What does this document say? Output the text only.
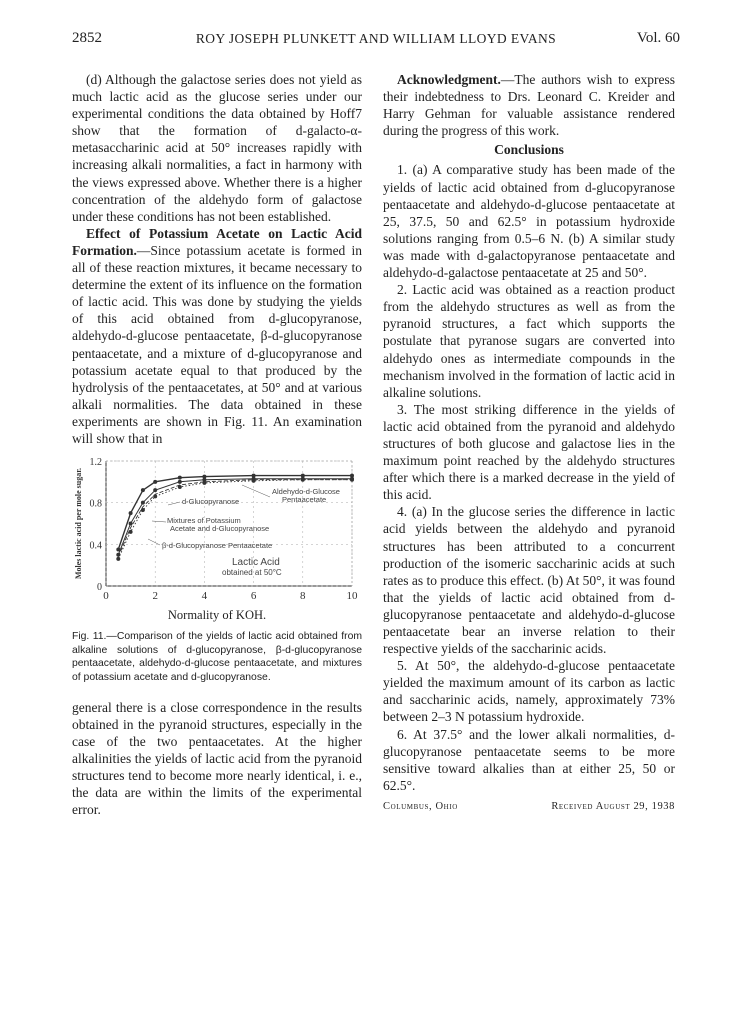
2852	ROY JOSEPH PLUNKETT AND WILLIAM LLOYD EVANS	Vol. 60

(d) Although the galactose series does not yield as much lactic acid as the glucose series under our experimental conditions the data obtained by Hoff7 show that the formation of d-galacto-α-metasaccharinic acid at 50° increases rapidly with increasing alkali normalities, a fact in harmony with the views expressed above. Whether there is a higher concentration of the aldehydo form of galactose under these conditions has not been established.

Effect of Potassium Acetate on Lactic Acid Formation.—Since potassium acetate is formed in all of these reaction mixtures, it became necessary to determine the extent of its influence on the formation of lactic acid. This was done by studying the yields of this acid obtained from d-glucopyranose, aldehydo-d-glucose pentaacetate, β-d-glucopyranose pentaacetate, and a mixture of d-glucopyranose and potassium acetate equal to that produced by the hydrolysis of the pentaacetates, at 50° and at various alkali normalities. The data obtained in these experiments are shown in Fig. 11. An examination will show that in

0	2	4	6	8	10
0
0.4
0.8
1.2
Moles lactic acid per mole sugar.	d-Glucopyranose
Aldehydo-d-Glucose
Pentaacetate
Mixtures of Potassium
Acetate and d-Glucopyranose
β-d-Glucopyranose Pentaacetate
Lactic Acid
obtained at 50°C
Normality of KOH.

Fig. 11.—Comparison of the yields of lactic acid obtained from alkaline solutions of d-glucopyranose, β-d-glucopyranose pentaacetate, aldehydo-d-glucose pentaacetate, and mixtures of potassium acetate and d-glucopyranose.

general there is a close correspondence in the results obtained in the pyranoid structures, especially in the case of the two pentaacetates. At the higher alkalinities the yields of lactic acid from the pyranoid structures tend to become more nearly identical, i. e., the data are within the limits of the experimental error.

Acknowledgment.—The authors wish to express their indebtedness to Drs. Leonard C. Kreider and Harry Gehman for valuable assistance rendered during the progress of this work.

Conclusions

1. (a) A comparative study has been made of the yields of lactic acid obtained from d-glucopyranose pentaacetate and aldehydo-d-glucose pentaacetate at 25, 37.5, 50 and 62.5° in potassium hydroxide solutions ranging from 0.5–6 N. (b) A similar study was made with d-galactopyranose pentaacetate and aldehydo-d-galactose pentaacetate at 25 and 50°.

2. Lactic acid was obtained as a reaction product from the aldehydo structures as well as from the pyranoid structures, a fact which supports the postulate that pyranose sugars are converted into aldehydo ones as intermediate compounds in the mechanism involved in the formation of lactic acid in alkaline solutions.

3. The most striking difference in the yields of lactic acid obtained from the pyranoid and aldehydo structures of both glucose and galactose lies in the maximum point reached by the aldehydo structures after which there is a marked decrease in the yield of this acid.

4. (a) In the glucose series the difference in lactic acid yields between the aldehydo and pyranoid structures has been attributed to a concurrent production of the isomeric saccharinic acids at such rates as to produce this effect. (b) At 50°, it was found that the yields of lactic acid obtained from d-glucopyranose pentaacetate and aldehydo-d-glucose pentaacetate bear an inverse relation to their respective yields of the saccharinic acids.

5. At 50°, the aldehydo-d-glucose pentaacetate yielded the maximum amount of its carbon as lactic and saccharinic acids, namely, approximately 73% between 2–3 N potassium hydroxide.

6. At 37.5° and the lower alkali normalities, d-glucopyranose pentaacetate seems to be more sensitive toward alkalies than at either 25, 50 or 62.5°.

Columbus, Ohio	Received August 29, 1938
